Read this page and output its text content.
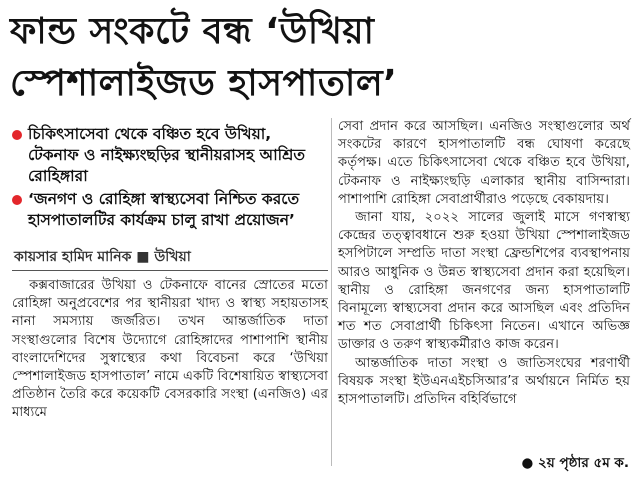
ফান্ড সংকটে বন্ধ ‘উখিয়া
স্পেশালাইজড হাসপাতাল’
চিকিৎসাসেবা থেকে বঞ্চিত হবে উখিয়া, টেকনাফ ও নাইক্ষ্যংছড়ির স্থানীয়রাসহ আশ্রিত রোহিঙ্গারা
‘জনগণ ও রোহিঙ্গা স্বাস্থ্যসেবা নিশ্চিত করতে হাসপাতালটির কার্যক্রম চালু রাখা প্রয়োজন’
কায়সার হামিদ মানিক ■ উখিয়া

কক্সবাজারের উখিয়া ও টেকনাফে বানের স্রোতের মতো রোহিঙ্গা অনুপ্রবেশের পর স্থানীয়রা খাদ্য ও স্বাস্থ্য সহায়তাসহ নানা সমস্যায় জর্জরিত। তখন আন্তর্জাতিক দাতা সংস্থাগুলোর বিশেষ উদ্যোগে রোহিঙ্গাদের পাশাপাশি স্থানীয় বাংলাদেশিদের সুস্বাস্থ্যের কথা বিবেচনা করে ‘উখিয়া স্পেশালাইজড হাসপাতাল’ নামে একটি বিশেষায়িত স্বাস্থ্যসেবা প্রতিষ্ঠান তৈরি করে কয়েকটি বেসরকারি সংস্থা (এনজিও) এর মাধ্যমে

সেবা প্রদান করে আসছিল। এনজিও সংস্থাগুলোর অর্থ সংকটের কারণে হাসপাতালটি বন্ধ ঘোষণা করেছে কর্তৃপক্ষ। এতে চিকিৎসাসেবা থেকে বঞ্চিত হবে উখিয়া, টেকনাফ ও নাইক্ষ্যংছড়ি এলাকার স্থানীয় বাসিন্দারা। পাশাপাশি রোহিঙ্গা সেবাপ্রার্থীরাও পড়েছে বেকায়দায়।

জানা যায়, ২০২২ সালের জুলাই মাসে গণস্বাস্থ্য কেন্দ্রের তত্ত্বাবধানে শুরু হওয়া উখিয়া স্পেশালাইজড হসপিটালে সম্প্রতি দাতা সংস্থা ফ্রেন্ডশিপের ব্যবস্থাপনায় আরও আধুনিক ও উন্নত স্বাস্থ্যসেবা প্রদান করা হয়েছিল। স্থানীয় ও রোহিঙ্গা জনগণের জন্য হাসপাতালটি বিনামূল্যে স্বাস্থ্যসেবা প্রদান করে আসছিল এবং প্রতিদিন শত শত সেবাপ্রার্থী চিকিৎসা নিতেন। এখানে অভিজ্ঞ ডাক্তার ও তরুণ স্বাস্থ্যকর্মীরাও কাজ করেন।

আন্তর্জাতিক দাতা সংস্থা ও জাতিসংঘের শরণার্থী বিষয়ক সংস্থা ইউএনএইচসিআর’র অর্থায়নে নির্মিত হয় হাসপাতালটি। প্রতিদিন বহির্বিভাগে

● ২য় পৃষ্ঠার ৫ম ক.
